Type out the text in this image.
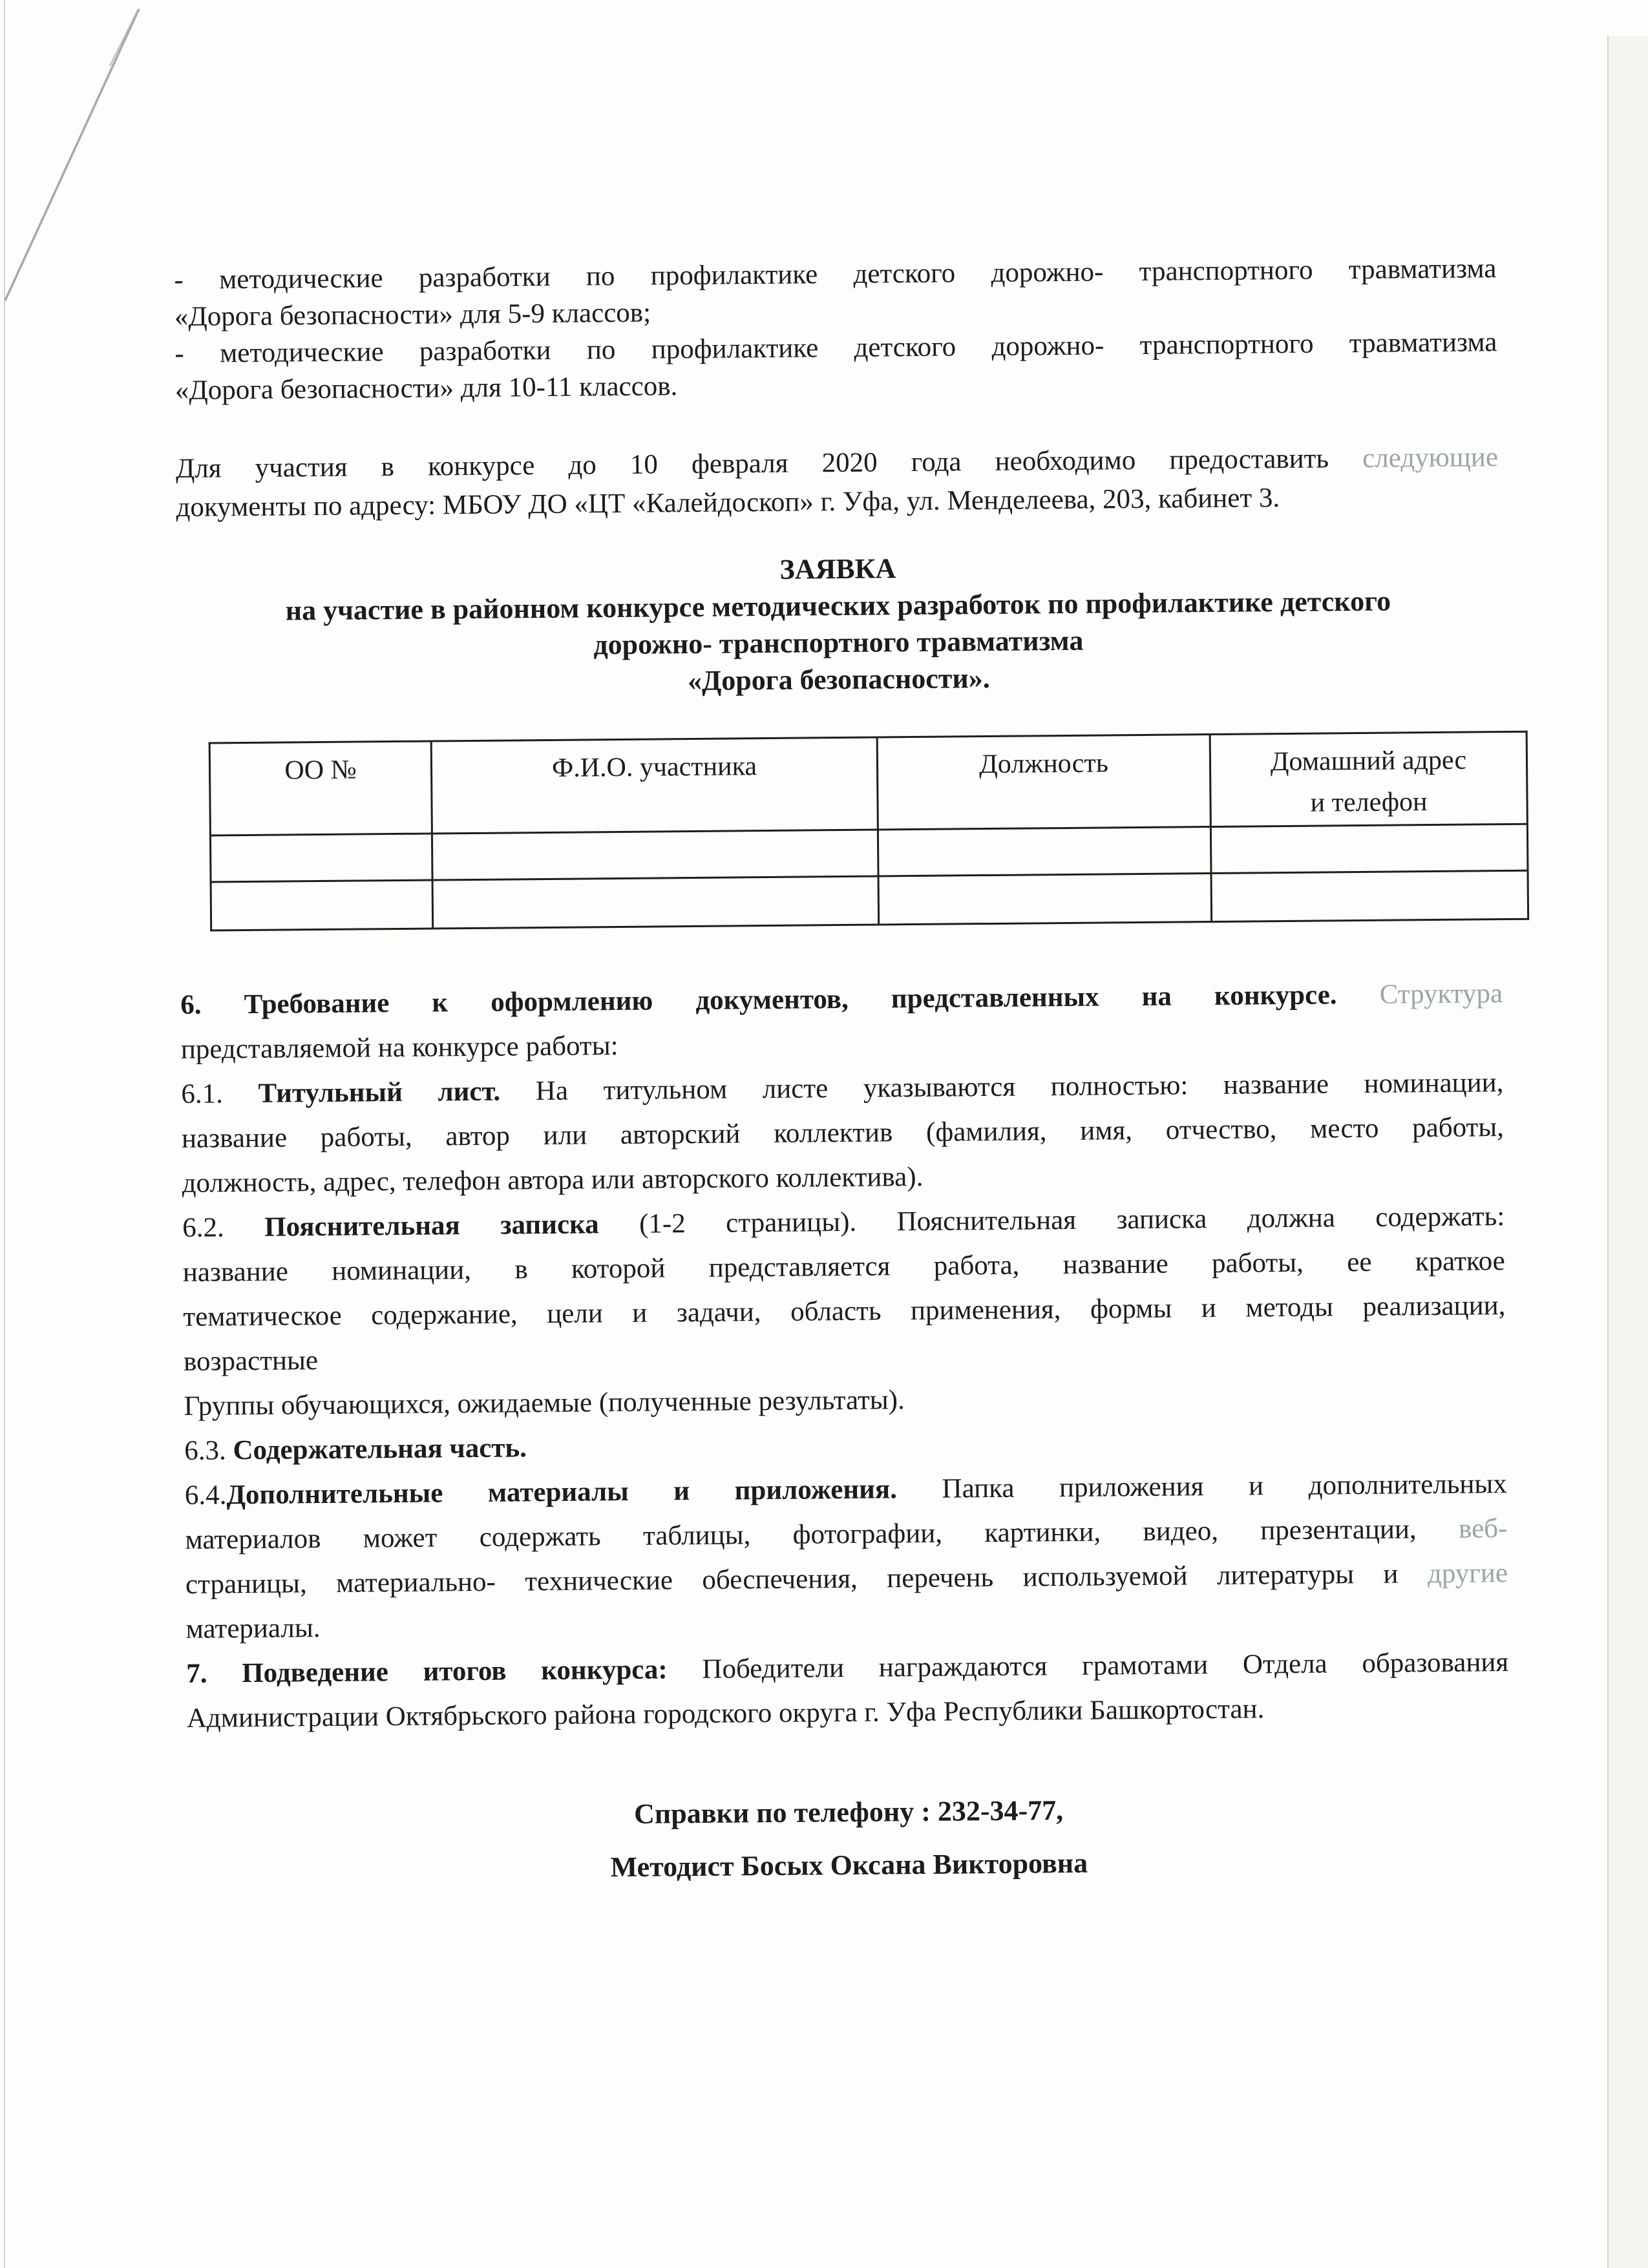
- методические разработки по профилактике детского дорожно- транспортного травматизма
«Дорога безопасности» для 5-9 классов;
- методические разработки по профилактике детского дорожно- транспортного травматизма
«Дорога безопасности» для 10-11 классов.
Для участия в конкурсе до 10 февраля 2020 года необходимо предоставить следующие
документы по адресу: МБОУ ДО «ЦТ «Калейдоскоп» г. Уфа, ул. Менделеева, 203, кабинет 3.
ЗАЯВКА
на участие в районном конкурсе методических разработок по профилактике детского
дорожно- транспортного травматизма
«Дорога безопасности».
ОО №	Ф.И.О. участника	Должность	Домашний адрес
и телефон

6. Требование к оформлению документов, представленных на конкурсе. Структура
представляемой на конкурсе работы:
6.1. Титульный лист. На титульном листе указываются полностью: название номинации,
название работы, автор или авторский коллектив (фамилия, имя, отчество, место работы,
должность, адрес, телефон автора или авторского коллектива).
6.2. Пояснительная записка (1-2 страницы). Пояснительная записка должна содержать:
название номинации, в которой представляется работа, название работы, ее краткое
тематическое содержание, цели и задачи, область применения, формы и методы реализации,
возрастные
Группы обучающихся, ожидаемые (полученные результаты).
6.3. Содержательная часть.
6.4.Дополнительные материалы и приложения. Папка приложения и дополнительных
материалов может содержать таблицы, фотографии, картинки, видео, презентации, веб-
страницы, материально- технические обеспечения, перечень используемой литературы и другие
материалы.
7. Подведение итогов конкурса: Победители награждаются грамотами Отдела образования
Администрации Октябрьского района городского округа г. Уфа Республики Башкортостан.
Справки по телефону : 232-34-77,
Методист Босых Оксана Викторовна
